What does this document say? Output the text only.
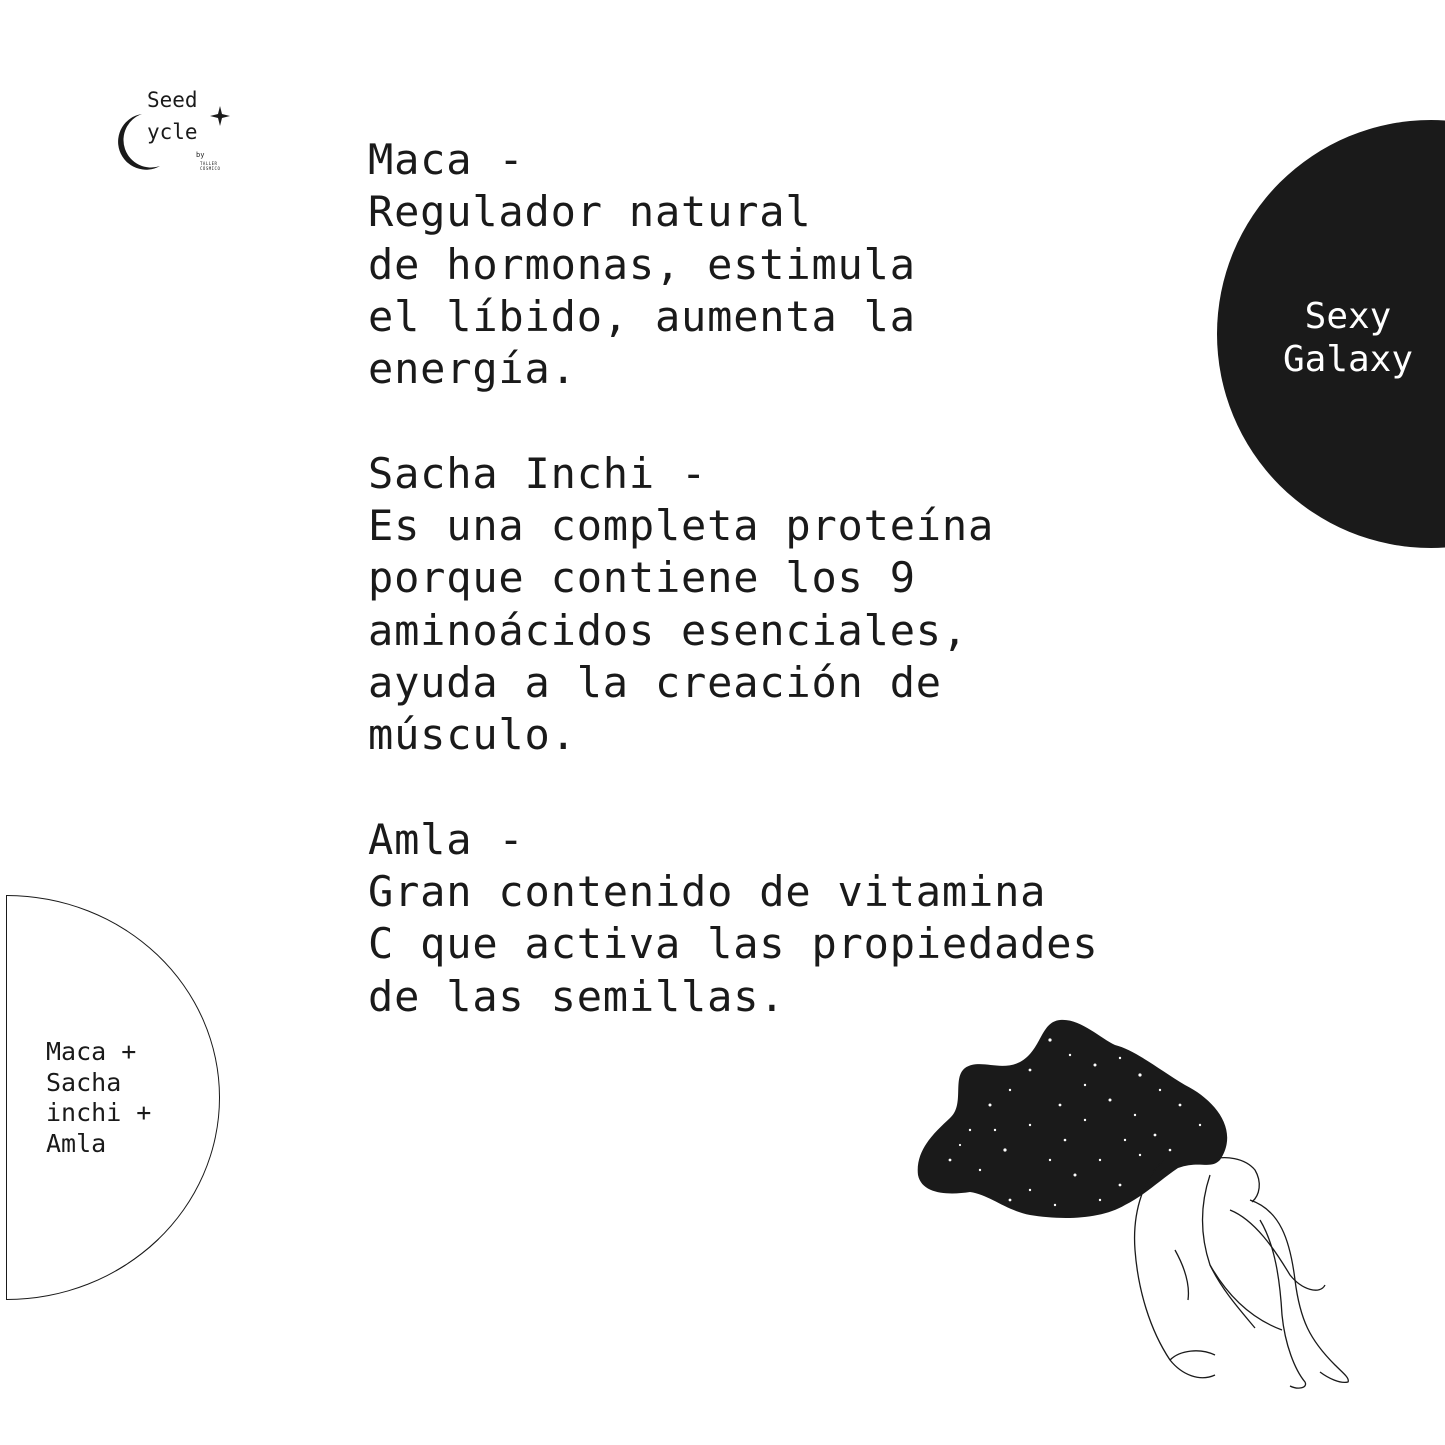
Seed
ycle
by
TALLER CÓSMICO	Maca -
Regulador natural
de hormonas, estimula
el líbido, aumenta la
energía.
Sacha Inchi -
Es una completa proteína
porque contiene los 9
aminoácidos esenciales,
ayuda a la creación de
músculo.
Amla -
Gran contenido de vitamina
C que activa las propiedades
de las semillas.
Sexy
Galaxy
Maca +
Sacha
inchi +
Amla
